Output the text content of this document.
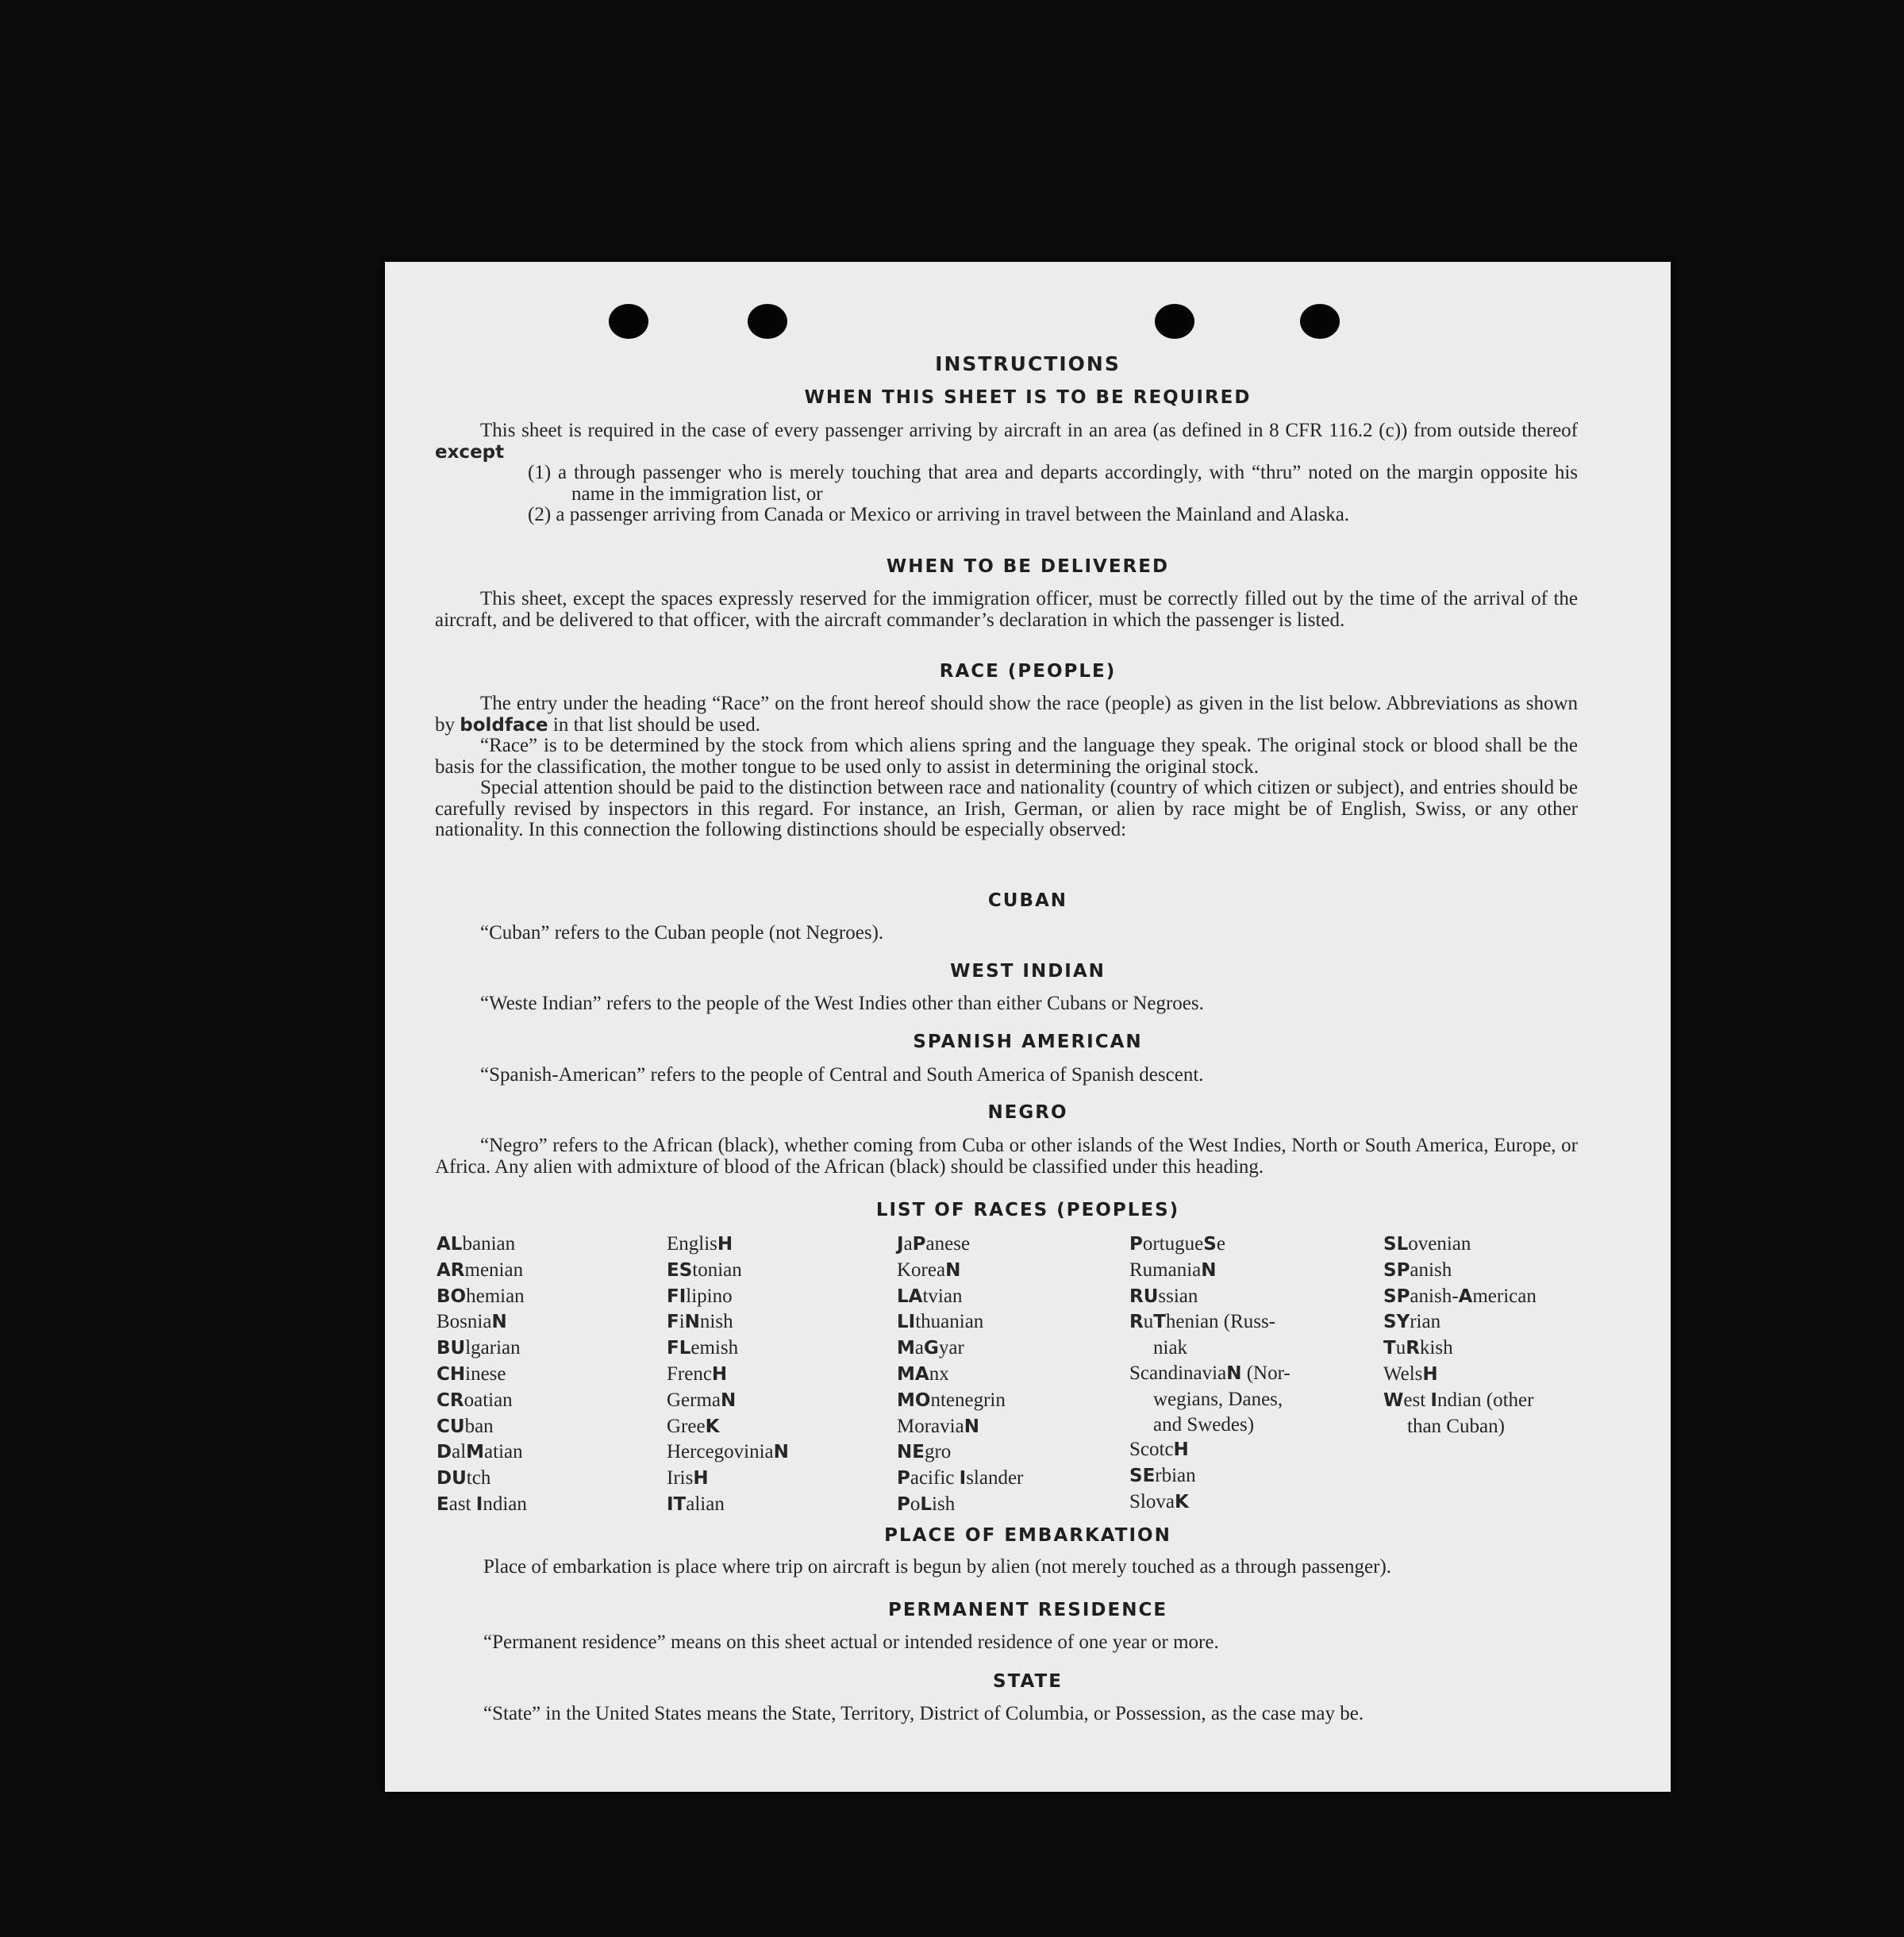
INSTRUCTIONS
WHEN THIS SHEET IS TO BE REQUIRED
This sheet is required in the case of every passenger arriving by aircraft in an area (as defined in 8 CFR 116.2 (c)) from outside thereof except
(1) a through passenger who is merely touching that area and departs accordingly, with “thru” noted on the margin opposite his name in the immigration list, or
(2) a passenger arriving from Canada or Mexico or arriving in travel between the Mainland and Alaska.
WHEN TO BE DELIVERED
This sheet, except the spaces expressly reserved for the immigration officer, must be correctly filled out by the time of the arrival of the aircraft, and be delivered to that officer, with the aircraft commander’s declaration in which the passenger is listed.
RACE (PEOPLE)
The entry under the heading “Race” on the front hereof should show the race (people) as given in the list below. Abbreviations as shown by boldface in that list should be used.
“Race” is to be determined by the stock from which aliens spring and the language they speak. The original stock or blood shall be the basis for the classification, the mother tongue to be used only to assist in determining the original stock.
Special attention should be paid to the distinction between race and nationality (country of which citizen or subject), and entries should be carefully revised by inspectors in this regard. For instance, an Irish, German, or alien by race might be of English, Swiss, or any other nationality. In this connection the following distinctions should be especially observed:
CUBAN
“Cuban” refers to the Cuban people (not Negroes).
WEST INDIAN
“Weste Indian” refers to the people of the West Indies other than either Cubans or Negroes.
SPANISH AMERICAN
“Spanish-American” refers to the people of Central and South America of Spanish descent.
NEGRO
“Negro” refers to the African (black), whether coming from Cuba or other islands of the West Indies, North or South America, Europe, or Africa. Any alien with admixture of blood of the African (black) should be classified under this heading.
LIST OF RACES (PEOPLES)
ALbanian
ARmenian
BOhemian
BosniaN
BUlgarian
CHinese
CRoatian
CUban
DalMatian
DUtch
East Indian
EnglisH
EStonian
FIlipino
FiNnish
FLemish
FrencH
GermaN
GreeK
HercegoviniaN
IrisH
ITalian
JaPanese
KoreaN
LAtvian
LIthuanian
MaGyar
MAnx
MOntenegrin
MoraviaN
NEgro
Pacific Islander
PoLish
PortugueSe
RumaniaN
RUssian
RuThenian (Russ-
niak
ScandinaviaN (Nor-
wegians, Danes,
and Swedes)
ScotcH
SErbian
SlovaK
SLovenian
SPanish
SPanish-American
SYrian
TuRkish
WelsH
West Indian (other
than Cuban)
PLACE OF EMBARKATION
Place of embarkation is place where trip on aircraft is begun by alien (not merely touched as a through passenger).
PERMANENT RESIDENCE
“Permanent residence” means on this sheet actual or intended residence of one year or more.
STATE
“State” in the United States means the State, Territory, District of Columbia, or Possession, as the case may be.
